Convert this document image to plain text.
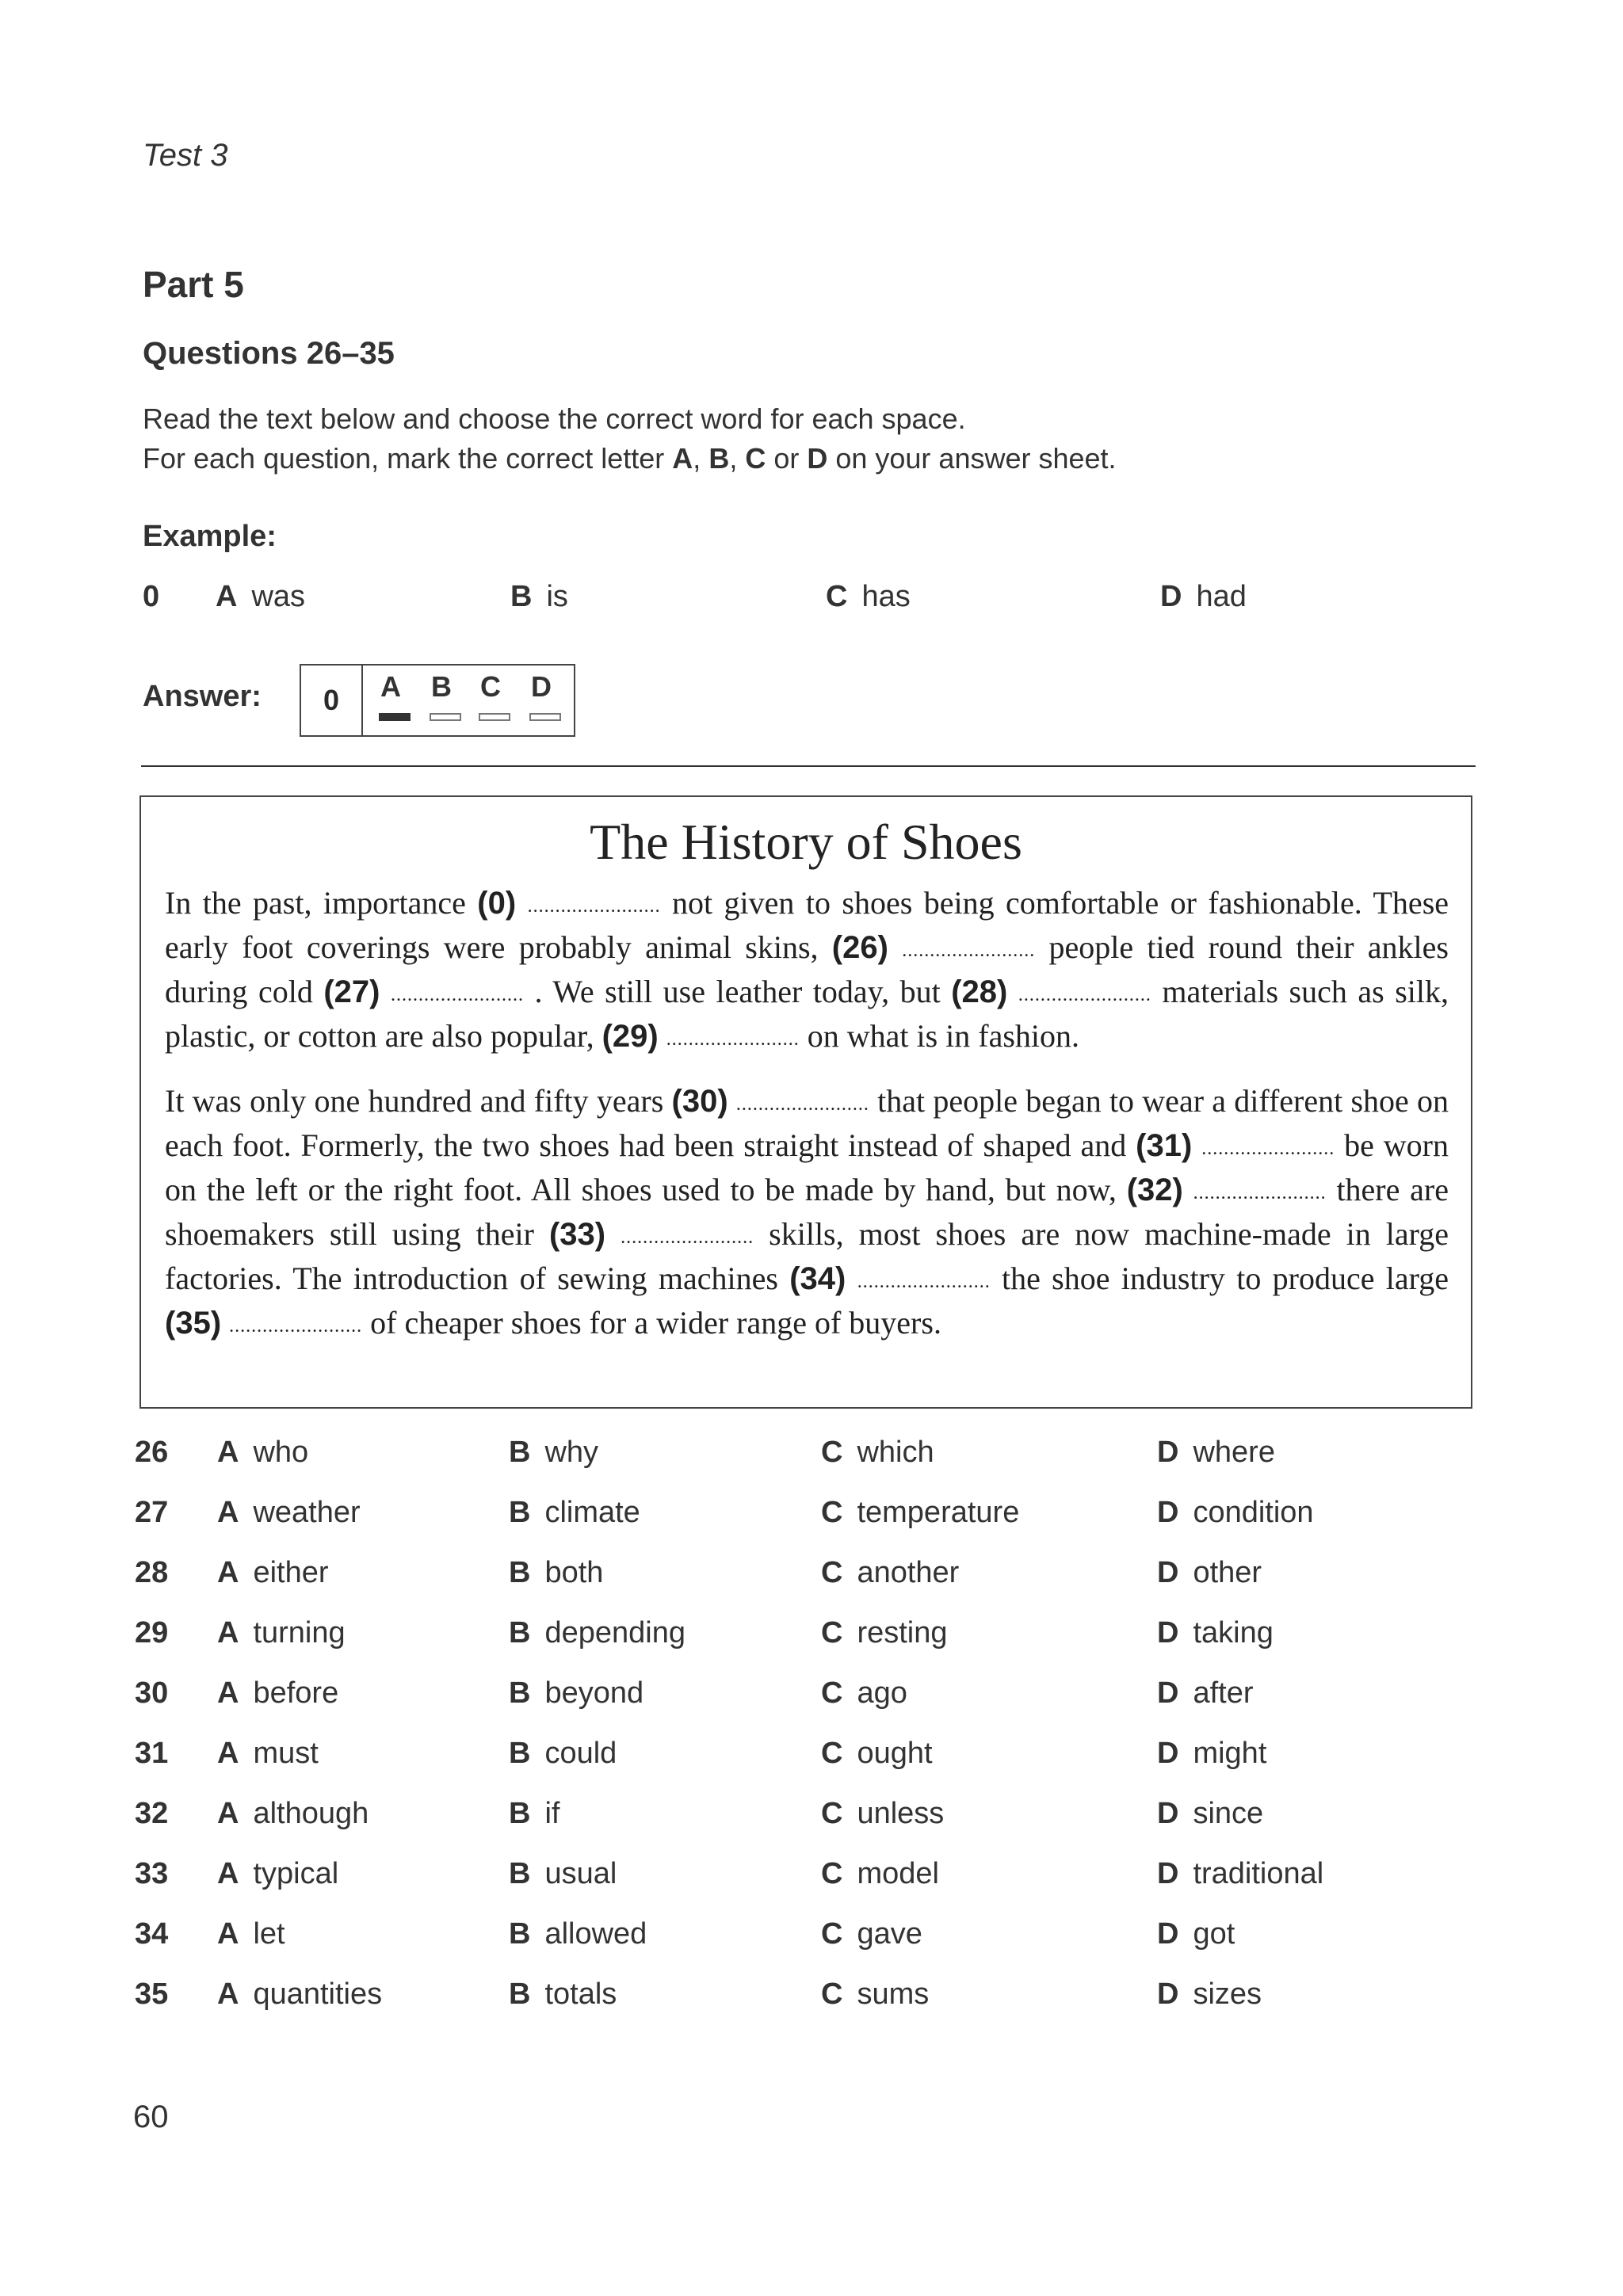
Test 3
Part 5
Questions 26–35
Read the text below and choose the correct word for each space.
For each question, mark the correct letter A, B, C or D on your answer sheet.
Example:
0 A was	B is	C has	D had
Answer:	0	A B C D
The History of Shoes

In the past, importance (0) ........................ not given to shoes being comfortable or fashionable. These early foot coverings were probably animal skins, (26) ........................ people tied round their ankles during cold (27) ........................ . We still use leather today, but (28) ........................ materials such as silk, plastic, or cotton are also popular, (29) ........................ on what is in fashion.

It was only one hundred and fifty years (30) ........................ that people began to wear a different shoe on each foot. Formerly, the two shoes had been straight instead of shaped and (31) ........................ be worn on the left or the right foot. All shoes used to be made by hand, but now, (32) ........................ there are shoemakers still using their (33) ........................ skills, most shoes are now machine-made in large factories. The introduction of sewing machines (34) ........................ the shoe industry to produce large (35) ........................ of cheaper shoes for a wider range of buyers.

26 A who	B why	C which	D where
27 A weather	B climate	C temperature	D condition
28 A either	B both	C another	D other
29 A turning	B depending	C resting	D taking
30 A before	B beyond	C ago	D after
31 A must	B could	C ought	D might
32 A although	B if	C unless	D since
33 A typical	B usual	C model	D traditional
34 A let	B allowed	C gave	D got
35 A quantities	B totals	C sums	D sizes
60
